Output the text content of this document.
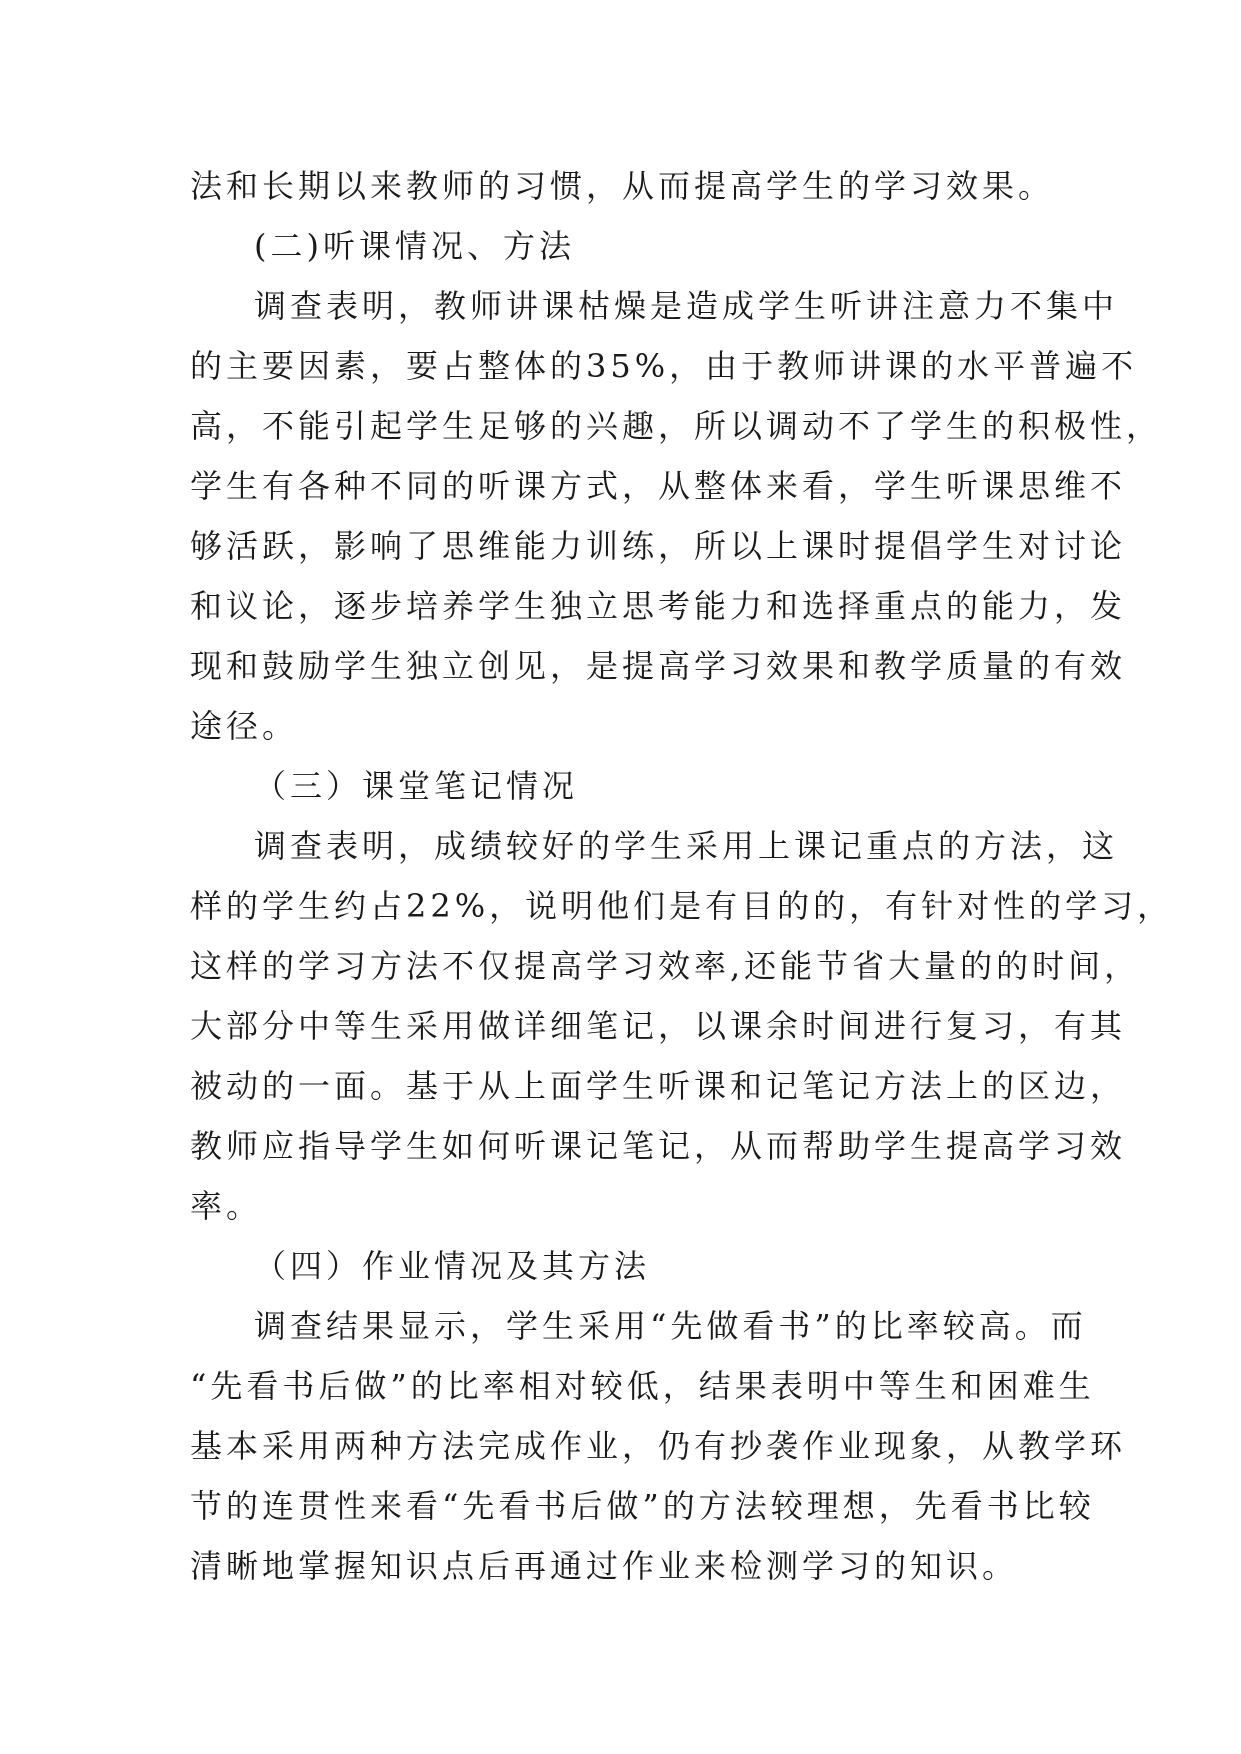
法和长期以来教师的习惯，从而提高学生的学习效果。
(二)听课情况、方法
调查表明，教师讲课枯燥是造成学生听讲注意力不集中
的主要因素，要占整体的35%，由于教师讲课的水平普遍不
高，不能引起学生足够的兴趣，所以调动不了学生的积极性，
学生有各种不同的听课方式，从整体来看，学生听课思维不
够活跃，影响了思维能力训练，所以上课时提倡学生对讨论
和议论，逐步培养学生独立思考能力和选择重点的能力，发
现和鼓励学生独立创见，是提高学习效果和教学质量的有效
途径。
（三）课堂笔记情况
调查表明，成绩较好的学生采用上课记重点的方法，这
样的学生约占22%，说明他们是有目的的，有针对性的学习，
这样的学习方法不仅提高学习效率,还能节省大量的的时间，
大部分中等生采用做详细笔记，以课余时间进行复习，有其
被动的一面。基于从上面学生听课和记笔记方法上的区边，
教师应指导学生如何听课记笔记，从而帮助学生提高学习效
率。
（四）作业情况及其方法
调查结果显示，学生采用“先做看书”的比率较高。而
“先看书后做”的比率相对较低，结果表明中等生和困难生
基本采用两种方法完成作业，仍有抄袭作业现象，从教学环
节的连贯性来看“先看书后做”的方法较理想，先看书比较
清晰地掌握知识点后再通过作业来检测学习的知识。
